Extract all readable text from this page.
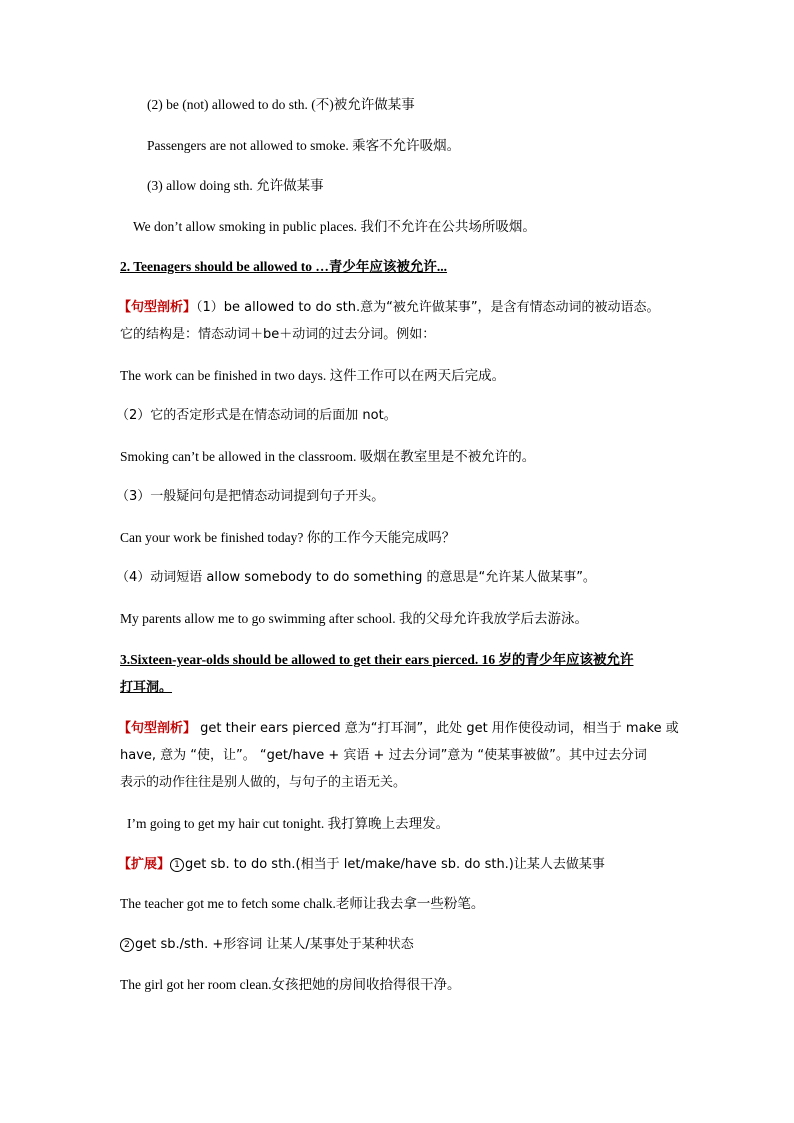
(2) be (not) allowed to do sth. (不)被允许做某事
Passengers are not allowed to smoke. 乘客不允许吸烟。
(3) allow doing sth. 允许做某事
We don’t allow smoking in public places. 我们不允许在公共场所吸烟。
2. Teenagers should be allowed to …青少年应该被允许...
【句型剖析】（1）be allowed to do sth.意为“被允许做某事”，是含有情态动词的被动语态。
它的结构是：情态动词＋be＋动词的过去分词。例如：
The work can be finished in two days. 这件工作可以在两天后完成。
（2）它的否定形式是在情态动词的后面加 not。
Smoking can’t be allowed in the classroom. 吸烟在教室里是不被允许的。
（3）一般疑问句是把情态动词提到句子开头。
Can your work be finished today? 你的工作今天能完成吗？
（4）动词短语 allow somebody to do something 的意思是“允许某人做某事”。
My parents allow me to go swimming after school. 我的父母允许我放学后去游泳。
3.Sixteen-year-olds should be allowed to get their ears pierced. 16 岁的青少年应该被允许
打耳洞。
【句型剖析】 get their ears pierced 意为“打耳洞”，此处 get 用作使役动词，相当于 make 或
have, 意为 “使，让”。 “get/have + 宾语 + 过去分词”意为 “使某事被做”。其中过去分词
表示的动作往往是别人做的，与句子的主语无关。
I’m going to get my hair cut tonight. 我打算晚上去理发。
【扩展】 1 get sb. to do sth.(相当于 let/make/have sb. do sth.)让某人去做某事
The teacher got me to fetch some chalk.老师让我去拿一些粉笔。
2 get sb./sth. +形容词 让某人/某事处于某种状态
The girl got her room clean.女孩把她的房间收拾得很干净。
